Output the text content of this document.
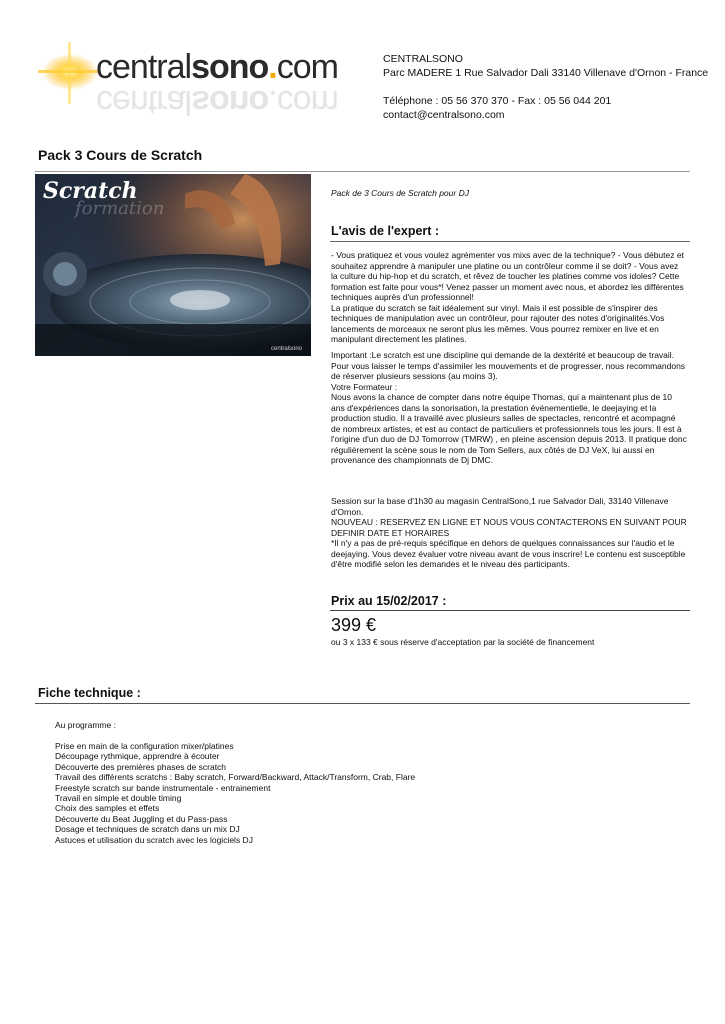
centralsono.com
centralsono.com
CENTRALSONO
Parc MADERE 1 Rue Salvador Dali 33140 Villenave d'Ornon - France
Téléphone : 05 56 370 370 - Fax : 05 56 044 201
contact@centralsono.com
Pack 3 Cours de Scratch
Scratch
formation
centralsono
Pack de 3 Cours de Scratch pour DJ
L'avis de l'expert :
- Vous pratiquez et vous voulez agrémenter vos mixs avec de la technique? - Vous débutez et souhaitez apprendre à manipuler une platine ou un contrôleur comme il se doit? - Vous avez la culture du hip-hop et du scratch, et rêvez de toucher les platines comme vos idoles? Cette formation est faite pour vous*! Venez passer un moment avec nous, et abordez les différentes techniques auprès d'un professionnel!
La pratique du scratch se fait idéalement sur vinyl. Mais il est possible de s'inspirer des techniques de manipulation avec un contrôleur, pour rajouter des notes d'originalités.Vos lancements de morceaux ne seront plus les mêmes. Vous pourrez remixer en live et en manipulant directement les platines.
Important :Le scratch est une discipline qui demande de la dextérité et beaucoup de travail. Pour vous laisser le temps d'assimiler les mouvements et de progresser, nous recommandons de réserver plusieurs sessions (au moins 3).
Votre Formateur :
Nous avons la chance de compter dans notre équipe Thomas, qui a maintenant plus de 10 ans d'expériences dans la sonorisation, la prestation événementielle, le deejaying et la production studio. Il a travaillé avec plusieurs salles de spectacles, rencontré et acompagné de nombreux artistes, et est au contact de particuliers et professionnels tous les jours. Il est à l'origine d'un duo de DJ Tomorrow (TMRW) , en pleine ascension depuis 2013. Il pratique donc régulièrement la scène sous le nom de Tom Sellers, aux côtés de DJ VeX, lui aussi en provenance des championnats de Dj DMC.
Session sur la base d'1h30 au magasin CentralSono,1 rue Salvador Dali, 33140 Villenave d'Ornon.
NOUVEAU : RESERVEZ EN LIGNE ET NOUS VOUS CONTACTERONS EN SUIVANT POUR DEFINIR DATE ET HORAIRES
*Il n'y a pas de pré-requis spécifique en dehors de quelques connaissances sur l'audio et le deejaying. Vous devez évaluer votre niveau avant de vous inscrire! Le contenu est susceptible d'être modifié selon les demandes et le niveau des participants.
Prix au 15/02/2017 :
399 €
ou 3 x 133 € sous réserve d'acceptation par la société de financement
Fiche technique :
Au programme :
Prise en main de la configuration mixer/platines
Découpage rythmique, apprendre à écouter
Découverte des premières phases de scratch
Travail des différents scratchs : Baby scratch, Forward/Backward, Attack/Transform, Crab, Flare
Freestyle scratch sur bande instrumentale - entrainement
Travail en simple et double timing
Choix des samples et effets
Découverte du Beat Juggling et du Pass-pass
Dosage et techniques de scratch dans un mix DJ
Astuces et utilisation du scratch avec les logiciels DJ
